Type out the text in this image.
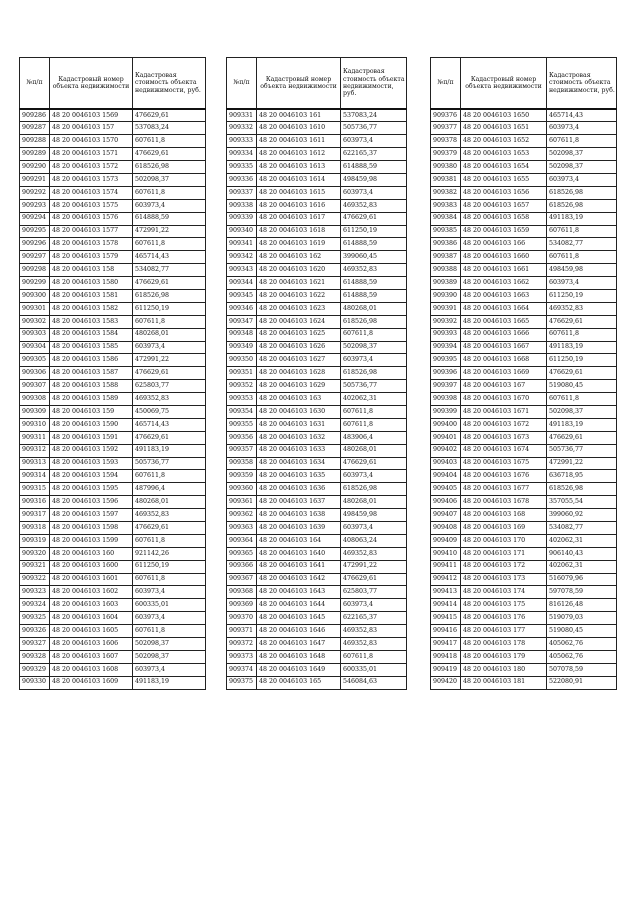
№п/п	Кадастровый номер объекта недвижимости	Кадастровая стоимость объекта недвижимости, руб.
909286	48 20 0046103 1569	476629,61
909287	48 20 0046103 157	537083,24
909288	48 20 0046103 1570	607611,8
909289	48 20 0046103 1571	476629,61
909290	48 20 0046103 1572	618526,98
909291	48 20 0046103 1573	502098,37
909292	48 20 0046103 1574	607611,8
909293	48 20 0046103 1575	603973,4
909294	48 20 0046103 1576	614888,59
909295	48 20 0046103 1577	472991,22
909296	48 20 0046103 1578	607611,8
909297	48 20 0046103 1579	465714,43
909298	48 20 0046103 158	534082,77
909299	48 20 0046103 1580	476629,61
909300	48 20 0046103 1581	618526,98
909301	48 20 0046103 1582	611250,19
909302	48 20 0046103 1583	607611,8
909303	48 20 0046103 1584	480268,01
909304	48 20 0046103 1585	603973,4
909305	48 20 0046103 1586	472991,22
909306	48 20 0046103 1587	476629,61
909307	48 20 0046103 1588	625803,77
909308	48 20 0046103 1589	469352,83
909309	48 20 0046103 159	450069,75
909310	48 20 0046103 1590	465714,43
909311	48 20 0046103 1591	476629,61
909312	48 20 0046103 1592	491183,19
909313	48 20 0046103 1593	505736,77
909314	48 20 0046103 1594	607611,8
909315	48 20 0046103 1595	487996,4
909316	48 20 0046103 1596	480268,01
909317	48 20 0046103 1597	469352,83
909318	48 20 0046103 1598	476629,61
909319	48 20 0046103 1599	607611,8
909320	48 20 0046103 160	921142,26
909321	48 20 0046103 1600	611250,19
909322	48 20 0046103 1601	607611,8
909323	48 20 0046103 1602	603973,4
909324	48 20 0046103 1603	600335,01
909325	48 20 0046103 1604	603973,4
909326	48 20 0046103 1605	607611,8
909327	48 20 0046103 1606	502098,37
909328	48 20 0046103 1607	502098,37
909329	48 20 0046103 1608	603973,4
909330	48 20 0046103 1609	491183,19
№п/п	Кадастровый номер объекта недвижимости	Кадастровая стоимость объекта недвижимости, руб.
909331	48 20 0046103 161	537083,24
909332	48 20 0046103 1610	505736,77
909333	48 20 0046103 1611	603973,4
909334	48 20 0046103 1612	622165,37
909335	48 20 0046103 1613	614888,59
909336	48 20 0046103 1614	498459,98
909337	48 20 0046103 1615	603973,4
909338	48 20 0046103 1616	469352,83
909339	48 20 0046103 1617	476629,61
909340	48 20 0046103 1618	611250,19
909341	48 20 0046103 1619	614888,59
909342	48 20 0046103 162	399060,45
909343	48 20 0046103 1620	469352,83
909344	48 20 0046103 1621	614888,59
909345	48 20 0046103 1622	614888,59
909346	48 20 0046103 1623	480268,01
909347	48 20 0046103 1624	618526,98
909348	48 20 0046103 1625	607611,8
909349	48 20 0046103 1626	502098,37
909350	48 20 0046103 1627	603973,4
909351	48 20 0046103 1628	618526,98
909352	48 20 0046103 1629	505736,77
909353	48 20 0046103 163	402062,31
909354	48 20 0046103 1630	607611,8
909355	48 20 0046103 1631	607611,8
909356	48 20 0046103 1632	483906,4
909357	48 20 0046103 1633	480268,01
909358	48 20 0046103 1634	476629,61
909359	48 20 0046103 1635	603973,4
909360	48 20 0046103 1636	618526,98
909361	48 20 0046103 1637	480268,01
909362	48 20 0046103 1638	498459,98
909363	48 20 0046103 1639	603973,4
909364	48 20 0046103 164	408063,24
909365	48 20 0046103 1640	469352,83
909366	48 20 0046103 1641	472991,22
909367	48 20 0046103 1642	476629,61
909368	48 20 0046103 1643	625803,77
909369	48 20 0046103 1644	603973,4
909370	48 20 0046103 1645	622165,37
909371	48 20 0046103 1646	469352,83
909372	48 20 0046103 1647	469352,83
909373	48 20 0046103 1648	607611,8
909374	48 20 0046103 1649	600335,01
909375	48 20 0046103 165	546084,63
№п/п	Кадастровый номер объекта недвижимости	Кадастровая стоимость объекта недвижимости, руб.
909376	48 20 0046103 1650	465714,43
909377	48 20 0046103 1651	603973,4
909378	48 20 0046103 1652	607611,8
909379	48 20 0046103 1653	502098,37
909380	48 20 0046103 1654	502098,37
909381	48 20 0046103 1655	603973,4
909382	48 20 0046103 1656	618526,98
909383	48 20 0046103 1657	618526,98
909384	48 20 0046103 1658	491183,19
909385	48 20 0046103 1659	607611,8
909386	48 20 0046103 166	534082,77
909387	48 20 0046103 1660	607611,8
909388	48 20 0046103 1661	498459,98
909389	48 20 0046103 1662	603973,4
909390	48 20 0046103 1663	611250,19
909391	48 20 0046103 1664	469352,83
909392	48 20 0046103 1665	476629,61
909393	48 20 0046103 1666	607611,8
909394	48 20 0046103 1667	491183,19
909395	48 20 0046103 1668	611250,19
909396	48 20 0046103 1669	476629,61
909397	48 20 0046103 167	519080,45
909398	48 20 0046103 1670	607611,8
909399	48 20 0046103 1671	502098,37
909400	48 20 0046103 1672	491183,19
909401	48 20 0046103 1673	476629,61
909402	48 20 0046103 1674	505736,77
909403	48 20 0046103 1675	472991,22
909404	48 20 0046103 1676	636718,95
909405	48 20 0046103 1677	618526,98
909406	48 20 0046103 1678	357055,54
909407	48 20 0046103 168	399060,92
909408	48 20 0046103 169	534082,77
909409	48 20 0046103 170	402062,31
909410	48 20 0046103 171	906140,43
909411	48 20 0046103 172	402062,31
909412	48 20 0046103 173	516079,96
909413	48 20 0046103 174	597078,59
909414	48 20 0046103 175	816126,48
909415	48 20 0046103 176	519079,03
909416	48 20 0046103 177	519080,45
909417	48 20 0046103 178	405062,76
909418	48 20 0046103 179	405062,76
909419	48 20 0046103 180	507078,59
909420	48 20 0046103 181	522080,91
